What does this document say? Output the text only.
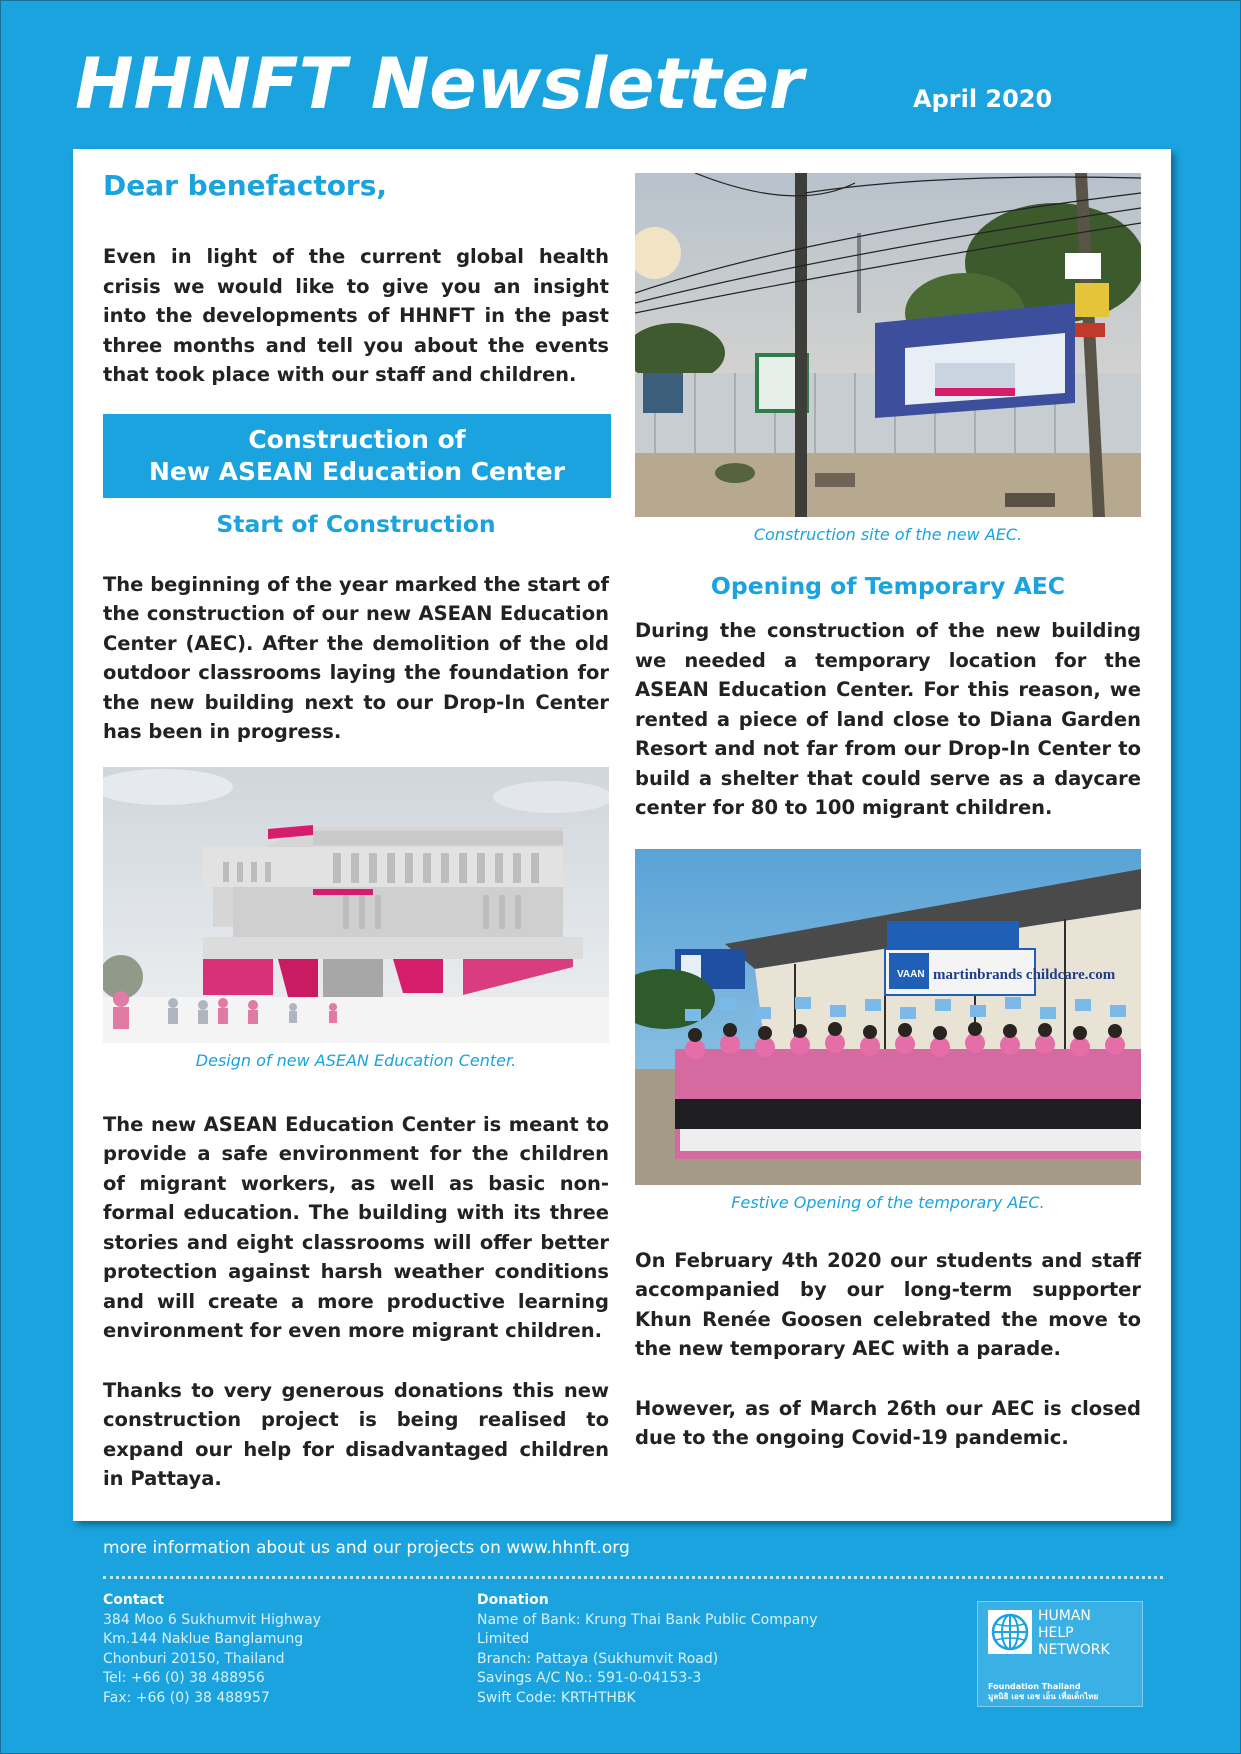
HHNFT Newsletter	April 2020
Dear benefactors,

Even in light of the current global health crisis we would like to give you an insight into the developments of HHNFT in the past three months and tell you about the events that took place with our staff and children.

Construction of
New ASEAN Education Center
Start of Construction

The beginning of the year marked the start of the construction of our new ASEAN Education Center (AEC). After the demolition of the old outdoor classrooms laying the foundation for the new building next to our Drop-In Center has been in progress.

Design of new ASEAN Education Center.

The new ASEAN Education Center is meant to provide a safe environment for the children of migrant workers, as well as basic non-formal education. The building with its three stories and eight classrooms will offer better protection against harsh weather conditions and will create a more productive learning environment for even more migrant children.

Thanks to very generous donations this new construction project is being realised to expand our help for disadvantaged children in Pattaya.

Construction site of the new AEC.
Opening of Temporary AEC

During the construction of the new building we needed a temporary location for the ASEAN Education Center. For this reason, we rented a piece of land close to Diana Garden Resort and not far from our Drop-In Center to build a shelter that could serve as a daycare center for 80 to 100 migrant children.

VAAN martinbrands childcare.com
Festive Opening of the temporary AEC.

On February 4th 2020 our students and staff accompanied by our long-term supporter Khun Renée Goosen celebrated the move to the new temporary AEC with a parade.

However, as of March 26th our AEC is closed due to the ongoing Covid-19 pandemic.

more information about us and our projects on www.hhnft.org
Contact
384 Moo 6 Sukhumvit Highway
Km.144 Naklue Banglamung
Chonburi 20150, Thailand
Tel: +66 (0) 38 488956
Fax: +66 (0) 38 488957
Donation
Name of Bank: Krung Thai Bank Public Company
Limited
Branch: Pattaya (Sukhumvit Road)
Savings A/C No.: 591-0-04153-3
Swift Code: KRTHTHBK
HUMAN
HELP
NETWORK
Foundation Thailand
มูลนิธิ เอช เอช เอ็น เพื่อเด็กไทย
